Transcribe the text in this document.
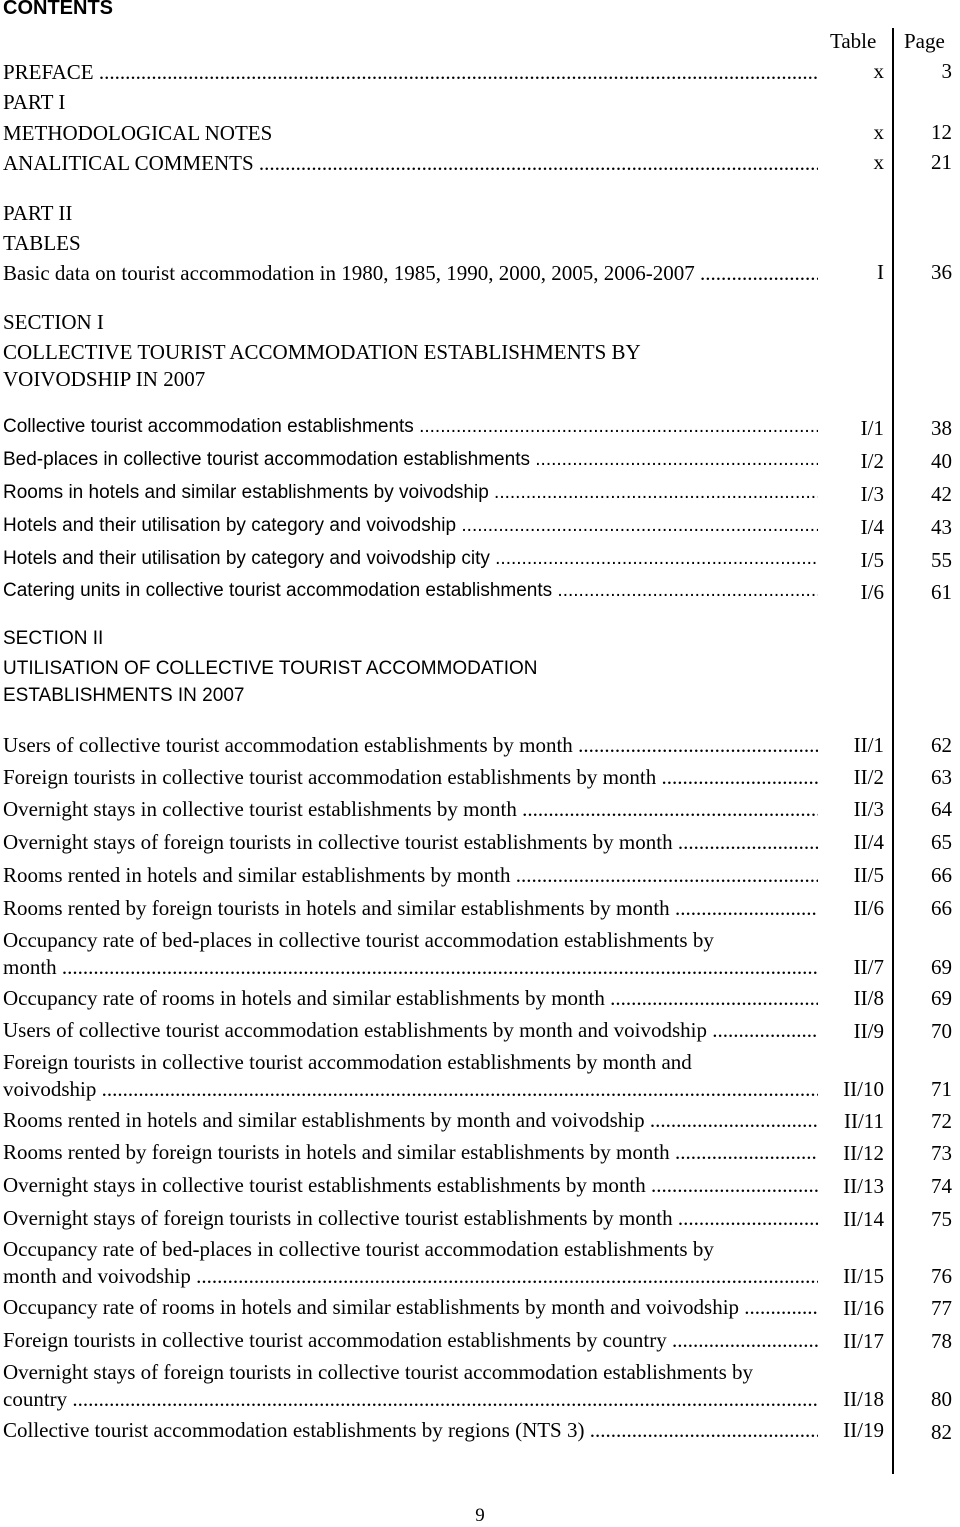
CONTENTS
Table Page
PREFACE .....	x	3
PART I
METHODOLOGICAL NOTES	x 12
ANALITICAL COMMENTS .....	x 21
PART II
TABLES
Basic data on tourist accommodation in 1980, 1985, 1990, 2000, 2005, 2006-2007 .....	I 36
SECTION I
COLLECTIVE TOURIST ACCOMMODATION ESTABLISHMENTS BY
VOIVODSHIP IN 2007
Collective tourist accommodation establishments .....	I/1 38
Bed-places in collective tourist accommodation establishments .....	I/2 40
Rooms in hotels and similar establishments by voivodship .....	I/3 42
Hotels and their utilisation by category and voivodship .....	I/4 43
Hotels and their utilisation by category and voivodship city .....	I/5 55
Catering units in collective tourist accommodation establishments .....	I/6 61
SECTION II
UTILISATION OF COLLECTIVE TOURIST ACCOMMODATION
ESTABLISHMENTS IN 2007
Users of collective tourist accommodation establishments by month .....	II/1 62
Foreign tourists in collective tourist accommodation establishments by month .....	II/2 63
Overnight stays in collective tourist establishments by month .....	II/3 64
Overnight stays of foreign tourists in collective tourist establishments by month .....	II/4 65
Rooms rented in hotels and similar establishments by month .....	II/5 66
Rooms rented by foreign tourists in hotels and similar establishments by month .....	II/6 66
Occupancy rate of bed-places in collective tourist accommodation establishments by
month .....	II/7 69
Occupancy rate of rooms in hotels and similar establishments by month .....	II/8 69
Users of collective tourist accommodation establishments by month and voivodship .....	II/9 70
Foreign tourists in collective tourist accommodation establishments by month and
voivodship .....	II/10 71
Rooms rented in hotels and similar establishments by month and voivodship .....	II/11 72
Rooms rented by foreign tourists in hotels and similar establishments by month .....	II/12 73
Overnight stays in collective tourist establishments establishments by month .....	II/13 74
Overnight stays of foreign tourists in collective tourist establishments by month .....	II/14 75
Occupancy rate of bed-places in collective tourist accommodation establishments by
month and voivodship .....	II/15 76
Occupancy rate of rooms in hotels and similar establishments by month and voivodship .....	II/16 77
Foreign tourists in collective tourist accommodation establishments by country .....	II/17 78
Overnight stays of foreign tourists in collective tourist accommodation establishments by
country .....	II/18 80
Collective tourist accommodation establishments by regions (NTS 3) .....	II/19 82
9
